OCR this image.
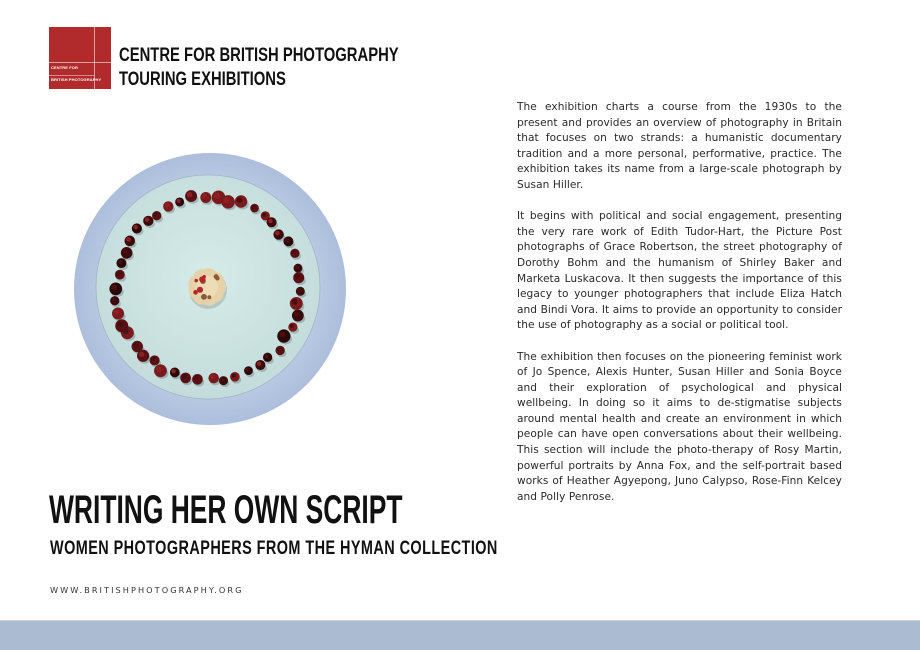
CENTRE FOR
BRITISH PHOTOGRAPHY
CENTRE FOR BRITISH PHOTOGRAPHY
TOURING EXHIBITIONS
WRITING HER OWN SCRIPT
WOMEN PHOTOGRAPHERS FROM THE HYMAN COLLECTION
WWW.BRITISHPHOTOGRAPHY.ORG

The exhibition charts a course from the 1930s to the present and provides an overview of photography in Britain that focuses on two strands: a humanistic documentary tradition and a more personal, performative, practice. The exhibition takes its name from a large-scale photograph by Susan Hiller.

It begins with political and social engagement, presenting the very rare work of Edith Tudor-Hart, the Picture Post photographs of Grace Robertson, the street photography of Dorothy Bohm and the humanism of Shirley Baker and Marketa Luskacova. It then suggests the importance of this legacy to younger photographers that include Eliza Hatch and Bindi Vora. It aims to provide an opportunity to consider the use of photography as a social or political tool.

The exhibition then focuses on the pioneering feminist work of Jo Spence, Alexis Hunter, Susan Hiller and Sonia Boyce and their exploration of psychological and physical wellbeing. In doing so it aims to de-stigmatise subjects around mental health and create an environment in which people can have open conversations about their wellbeing. This section will include the photo-therapy of Rosy Martin, powerful portraits by Anna Fox, and the self-portrait based works of Heather Agyepong, Juno Calypso, Rose-Finn Kelcey and Polly Penrose.
